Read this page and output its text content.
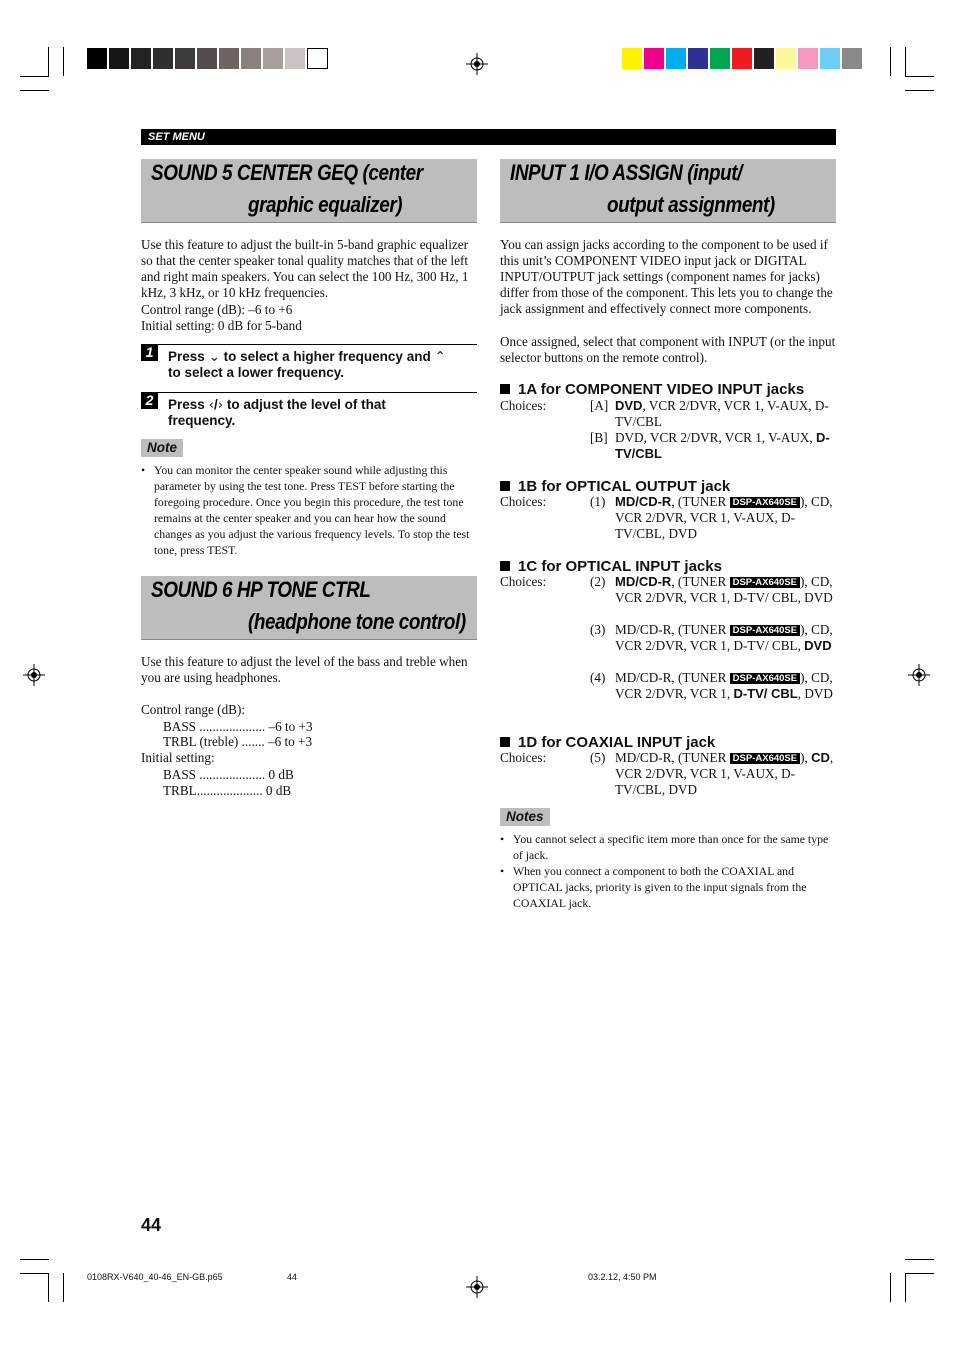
SET MENU
SOUND 5 CENTER GEQ (center
graphic equalizer)

Use this feature to adjust the built-in 5-band graphic equalizer so that the center speaker tonal quality matches that of the left and right main speakers. You can select the 100 Hz, 300 Hz, 1 kHz, 3 kHz, or 10 kHz frequencies.

Control range (dB): –6 to +6

Initial setting: 0 dB for 5-band

1	Press ⌄ to select a higher frequency and ⌃
to select a lower frequency.

2	Press ‹/› to adjust the level of that
frequency.

Note
• You can monitor the center speaker sound while adjusting this parameter by using the test tone. Press TEST before starting the foregoing procedure. Once you begin this procedure, the test tone remains at the center speaker and you can hear how the sound changes as you adjust the various frequency levels. To stop the test tone, press TEST.
SOUND 6 HP TONE CTRL
(headphone tone control)

Use this feature to adjust the level of the bass and treble when you are using headphones.

Control range (dB):

BASS .................... –6 to +3

TRBL (treble) ....... –6 to +3

Initial setting:

BASS .................... 0 dB

TRBL.................... 0 dB

INPUT 1 I/O ASSIGN (input/
output assignment)

You can assign jacks according to the component to be used if this unit’s COMPONENT VIDEO input jack or DIGITAL INPUT/OUTPUT jack settings (component names for jacks) differ from those of the component. This lets you to change the jack assignment and effectively connect more components.

Once assigned, select that component with INPUT (or the input selector buttons on the remote control).

1A for COMPONENT VIDEO INPUT jacks

Choices:	[A] DVD, VCR 2/DVR, VCR 1, V-AUX, D-TV/CBL

[B] DVD, VCR 2/DVR, VCR 1, V-AUX, D-TV/CBL

1B for OPTICAL OUTPUT jack

Choices:	(1) MD/CD-R, (TUNER DSP-AX640SE ), CD, VCR 2/DVR, VCR 1, V-AUX, D-TV/CBL, DVD

1C for OPTICAL INPUT jacks

Choices:	(2) MD/CD-R, (TUNER DSP-AX640SE ), CD, VCR 2/DVR, VCR 1, D-TV/ CBL, DVD

(3) MD/CD-R, (TUNER DSP-AX640SE ), CD, VCR 2/DVR, VCR 1, D-TV/ CBL, DVD

(4) MD/CD-R, (TUNER DSP-AX640SE ), CD, VCR 2/DVR, VCR 1, D-TV/ CBL, DVD

1D for COAXIAL INPUT jack

Choices:	(5) MD/CD-R, (TUNER DSP-AX640SE ), CD, VCR 2/DVR, VCR 1, V-AUX, D-TV/CBL, DVD

Notes
• You cannot select a specific item more than once for the same type of jack.
• When you connect a component to both the COAXIAL and OPTICAL jacks, priority is given to the input signals from the COAXIAL jack.
44
0108RX-V640_40-46_EN-GB.p65	44	03.2.12, 4:50 PM
